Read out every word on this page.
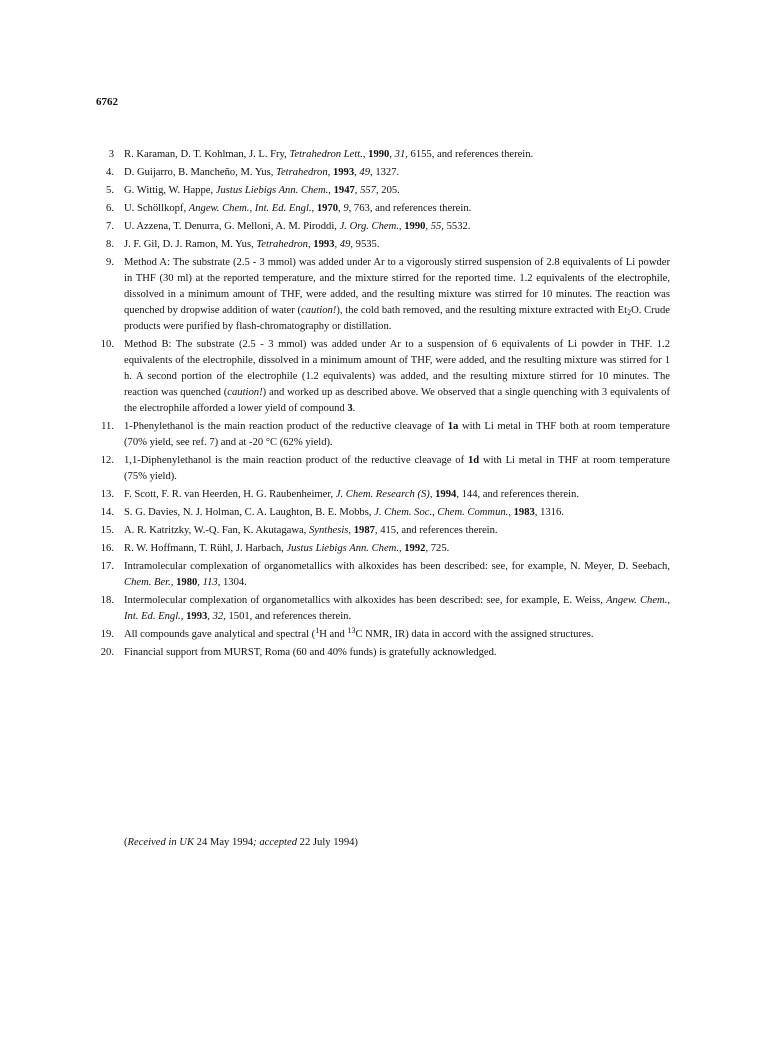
6762
3 R. Karaman, D. T. Kohlman, J. L. Fry, Tetrahedron Lett., 1990, 31, 6155, and references therein.
4. D. Guijarro, B. Mancheño, M. Yus, Tetrahedron, 1993, 49, 1327.
5. G. Wittig, W. Happe, Justus Liebigs Ann. Chem., 1947, 557, 205.
6. U. Schöllkopf, Angew. Chem., Int. Ed. Engl., 1970, 9, 763, and references therein.
7. U. Azzena, T. Denurra, G. Melloni, A. M. Piroddi, J. Org. Chem., 1990, 55, 5532.
8. J. F. Gil, D. J. Ramon, M. Yus, Tetrahedron, 1993, 49, 9535.
9. Method A: The substrate (2.5 - 3 mmol) was added under Ar to a vigorously stirred suspension of 2.8 equivalents of Li powder in THF (30 ml) at the reported temperature, and the mixture stirred for the reported time. 1.2 equivalents of the electrophile, dissolved in a minimum amount of THF, were added, and the resulting mixture was stirred for 10 minutes. The reaction was quenched by dropwise addition of water (caution!), the cold bath removed, and the resulting mixture extracted with $Et_2O$. Crude products were purified by flash-chromatography or distillation.
10. Method B: The substrate (2.5 - 3 mmol) was added under Ar to a suspension of 6 equivalents of Li powder in THF. 1.2 equivalents of the electrophile, dissolved in a minimum amount of THF, were added, and the resulting mixture was stirred for 1 h. A second portion of the electrophile (1.2 equivalents) was added, and the resulting mixture stirred for 10 minutes. The reaction was quenched (caution!) and worked up as described above. We observed that a single quenching with 3 equivalents of the electrophile afforded a lower yield of compound 3.
11. 1-Phenylethanol is the main reaction product of the reductive cleavage of 1a with Li metal in THF both at room temperature (70% yield, see ref. 7) and at -20 °C (62% yield).
12. 1,1-Diphenylethanol is the main reaction product of the reductive cleavage of 1d with Li metal in THF at room temperature (75% yield).
13. F. Scott, F. R. van Heerden, H. G. Raubenheimer, J. Chem. Research (S), 1994, 144, and references therein.
14. S. G. Davies, N. J. Holman, C. A. Laughton, B. E. Mobbs, J. Chem. Soc., Chem. Commun., 1983, 1316.
15. A. R. Katritzky, W.-Q. Fan, K. Akutagawa, Synthesis, 1987, 415, and references therein.
16. R. W. Hoffmann, T. Rühl, J. Harbach, Justus Liebigs Ann. Chem., 1992, 725.
17. Intramolecular complexation of organometallics with alkoxides has been described: see, for example, N. Meyer, D. Seebach, Chem. Ber., 1980, 113, 1304.
18. Intermolecular complexation of organometallics with alkoxides has been described: see, for example, E. Weiss, Angew. Chem., Int. Ed. Engl., 1993, 32, 1501, and references therein.
19. All compounds gave analytical and spectral ($^1$H and $^{13}$C NMR, IR) data in accord with the assigned structures.
20. Financial support from MURST, Roma (60 and 40% funds) is gratefully acknowledged.
(Received in UK 24 May 1994; accepted 22 July 1994)
